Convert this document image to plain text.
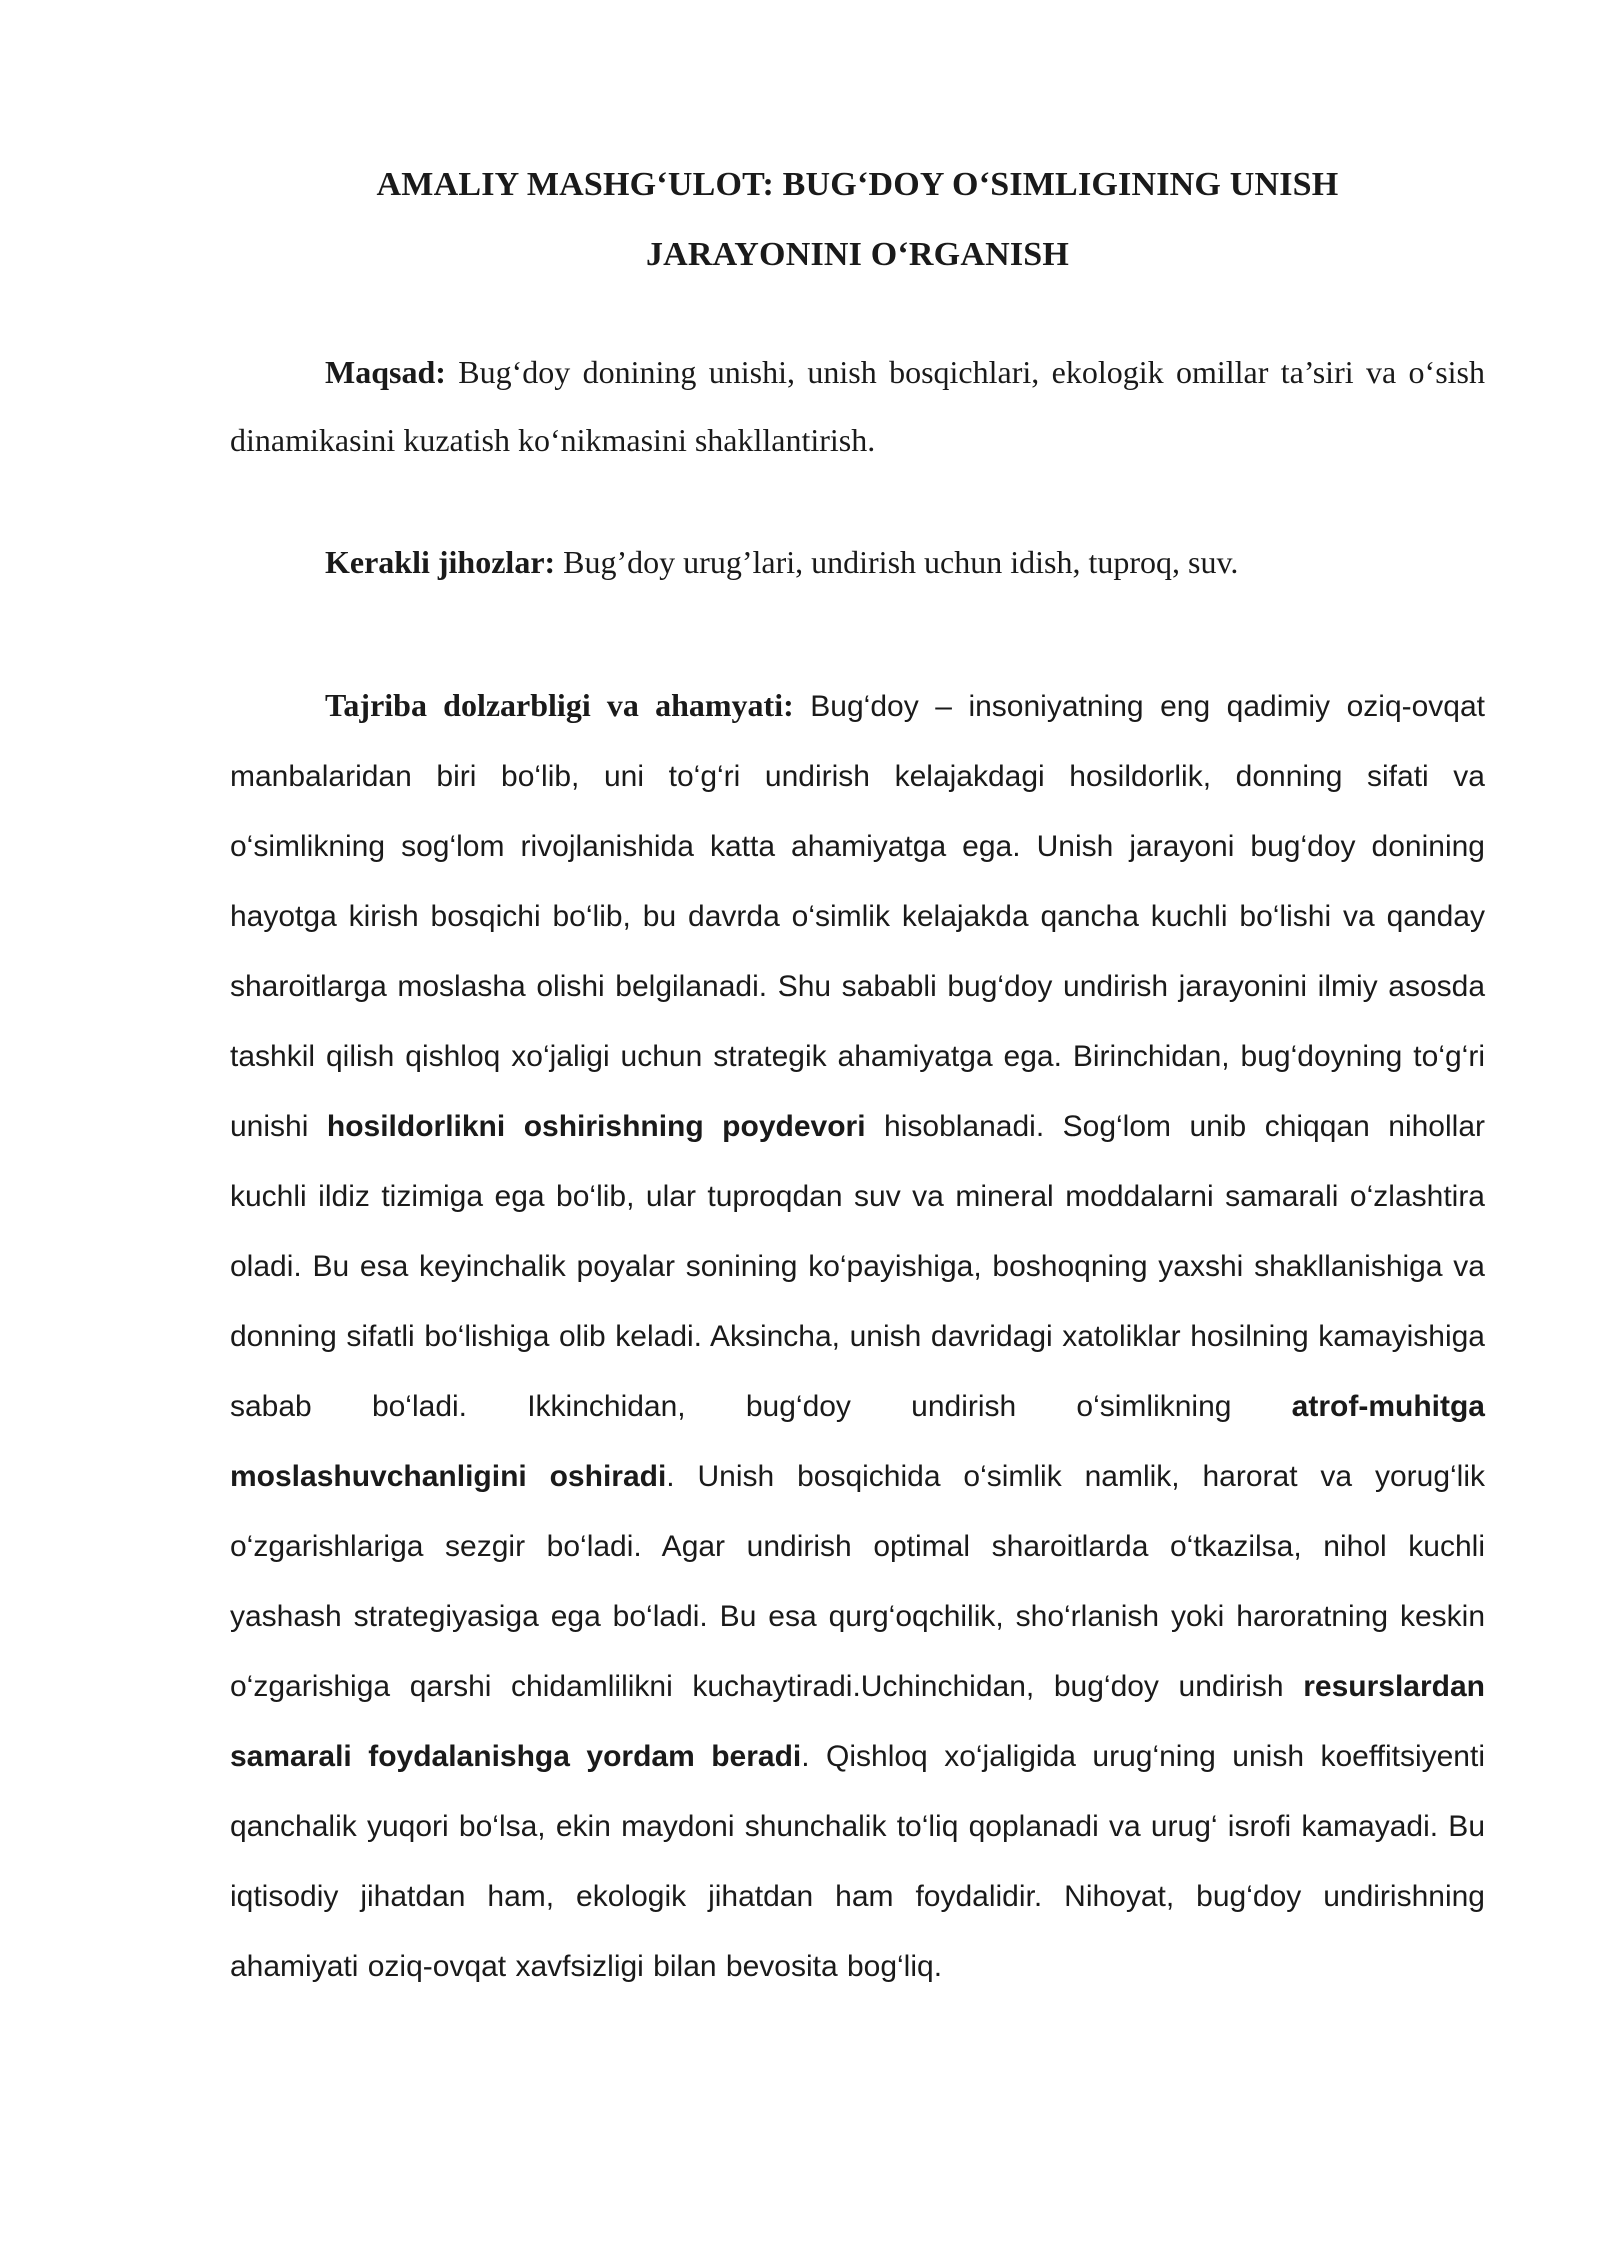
AMALIY MASHG‘ULOT: BUG‘DOY O‘SIMLIGINING UNISH
JARAYONINI O‘RGANISH

Maqsad: Bug‘doy donining unishi, unish bosqichlari, ekologik omillar ta’siri va o‘sish dinamikasini kuzatish ko‘nikmasini shakllantirish.

Kerakli jihozlar: Bug’doy urug’lari, undirish uchun idish, tuproq, suv.

Tajriba dolzarbligi va ahamyati: Bug‘doy – insoniyatning eng qadimiy oziq-ovqat manbalaridan biri bo‘lib, uni to‘g‘ri undirish kelajakdagi hosildorlik, donning sifati va o‘simlikning sog‘lom rivojlanishida katta ahamiyatga ega. Unish jarayoni bug‘doy donining hayotga kirish bosqichi bo‘lib, bu davrda o‘simlik kelajakda qancha kuchli bo‘lishi va qanday sharoitlarga moslasha olishi belgilanadi. Shu sababli bug‘doy undirish jarayonini ilmiy asosda tashkil qilish qishloq xo‘jaligi uchun strategik ahamiyatga ega. Birinchidan, bug‘doyning to‘g‘ri unishi hosildorlikni oshirishning poydevori hisoblanadi. Sog‘lom unib chiqqan nihollar kuchli ildiz tizimiga ega bo‘lib, ular tuproqdan suv va mineral moddalarni samarali o‘zlashtira oladi. Bu esa keyinchalik poyalar sonining ko‘payishiga, boshoqning yaxshi shakllanishiga va donning sifatli bo‘lishiga olib keladi. Aksincha, unish davridagi xatoliklar hosilning kamayishiga sabab bo‘ladi. Ikkinchidan, bug‘doy undirish o‘simlikning atrof-muhitga moslashuvchanligini oshiradi. Unish bosqichida o‘simlik namlik, harorat va yorug‘lik o‘zgarishlariga sezgir bo‘ladi. Agar undirish optimal sharoitlarda o‘tkazilsa, nihol kuchli yashash strategiyasiga ega bo‘ladi. Bu esa qurg‘oqchilik, sho‘rlanish yoki haroratning keskin o‘zgarishiga qarshi chidamlilikni kuchaytiradi.Uchinchidan, bug‘doy undirish resurslardan samarali foydalanishga yordam beradi. Qishloq xo‘jaligida urug‘ning unish koeffitsiyenti qanchalik yuqori bo‘lsa, ekin maydoni shunchalik to‘liq qoplanadi va urug‘ isrofi kamayadi. Bu iqtisodiy jihatdan ham, ekologik jihatdan ham foydalidir. Nihoyat, bug‘doy undirishning ahamiyati oziq-ovqat xavfsizligi bilan bevosita bog‘liq.
